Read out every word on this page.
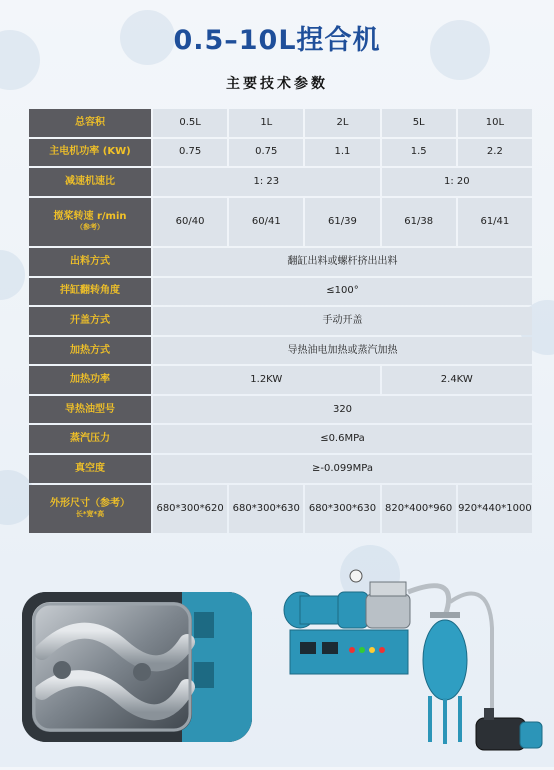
0.5–10L捏合机
主要技术参数
总容积	0.5L	1L	2L	5L	10L
主电机功率 (KW)	0.75	0.75	1.1	1.5	2.2
减速机速比	1: 23			1: 20	
搅桨转速 r/min
（参考）	60/40	60/41	61/39	61/38	61/41
出料方式	翻缸出料或螺杆挤出出料				
拌缸翻转角度	≤100°				
开盖方式	手动开盖				
加热方式	导热油电加热或蒸汽加热				
加热功率	1.2KW			2.4KW	
导热油型号	320				
蒸汽压力	≤0.6MPa				
真空度	≥-0.099MPa				
外形尺寸（参考）
长*宽*高	680*300*620	680*300*630	680*300*630	820*400*960	920*440*1000
